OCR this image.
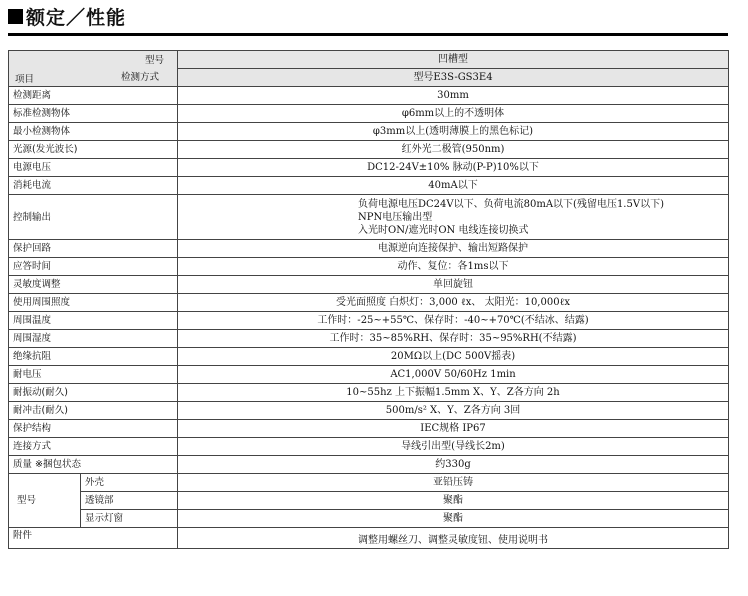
额定／性能
型号
检测方式
项目		凹槽型
		型号E3S-GS3E4
检测距离		30mm
标准检测物体		φ6mm以上的不透明体
最小检测物体		φ3mm以上(透明薄膜上的黑色标记)
光源(发光波长)		红外光二极管(950nm)
电源电压		DC12-24V±10% 脉动(P-P)10%以下
消耗电流		40mA以下
控制输出		负荷电源电压DC24V以下、负荷电流80mA以下(残留电压1.5V以下)
NPN电压输出型
入光时ON/遮光时ON 电线连接切换式

保护回路		电源逆向连接保护、输出短路保护
应答时间		动作、复位：各1ms以下
灵敏度调整		单回旋钮
使用周围照度		受光面照度 白炽灯：3,000 ℓx、 太阳光：10,000ℓx
周围温度		工作时：-25~+55℃、保存时：-40~+70℃(不结冰、结露)
周围湿度		工作时：35~85%RH、保存时：35~95%RH(不结露)
绝缘抗阻		20MΩ以上(DC 500V摇表)
耐电压		AC1,000V 50/60Hz 1min
耐振动(耐久)		10~55hz 上下振幅1.5mm X、Y、Z各方向 2h
耐冲击(耐久)		500m/s² X、Y、Z各方向 3回
保护结构		IEC规格 IP67
连接方式		导线引出型(导线长2m)
质量 ※捆包状态		约330g
型号	外壳	亚铅压铸
	透镜部	聚酯
	显示灯窗	聚酯
附件		调整用螺丝刀、调整灵敏度钮、使用说明书
